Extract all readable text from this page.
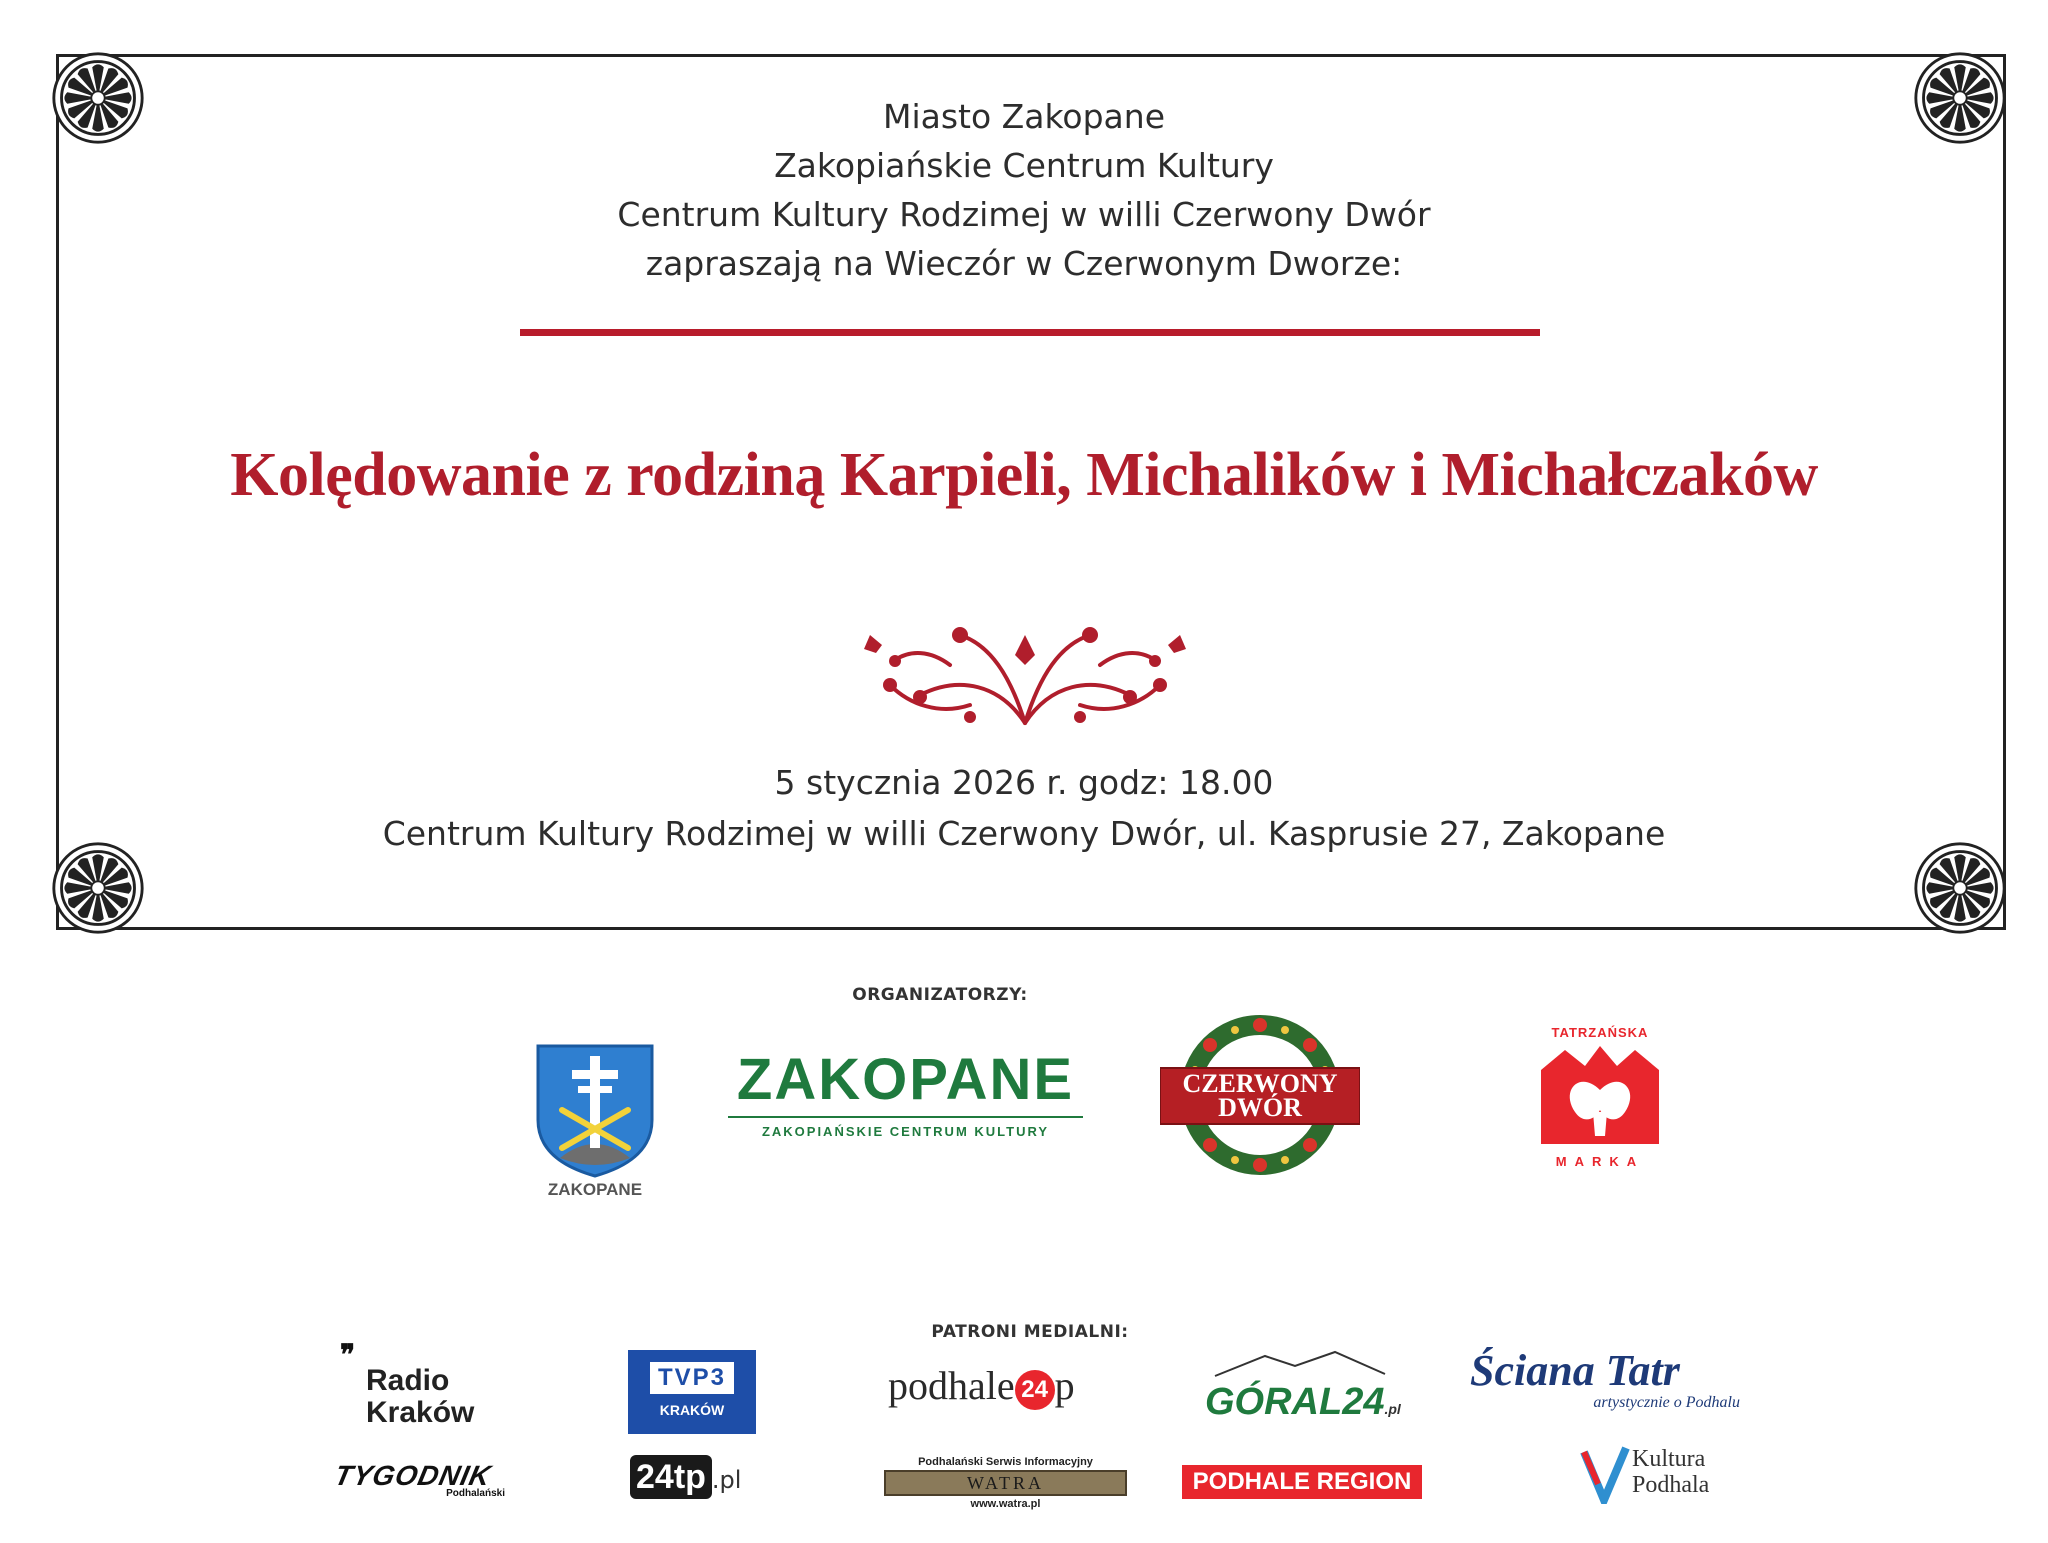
Miasto Zakopane
Zakopiańskie Centrum Kultury
Centrum Kultury Rodzimej w willi Czerwony Dwór
zapraszają na Wieczór w Czerwonym Dworze:
Kolędowanie z rodziną Karpieli, Michalików i Michałczaków
5 stycznia 2026 r. godz: 18.00
Centrum Kultury Rodzimej w willi Czerwony Dwór, ul. Kasprusie 27, Zakopane
ORGANIZATORZY:
ZAKOPANE
ZAKOPANE
ZAKOPIAŃSKIE CENTRUM KULTURY
CZERWONY
DWÓR
TATRZAŃSKA
MARKA
PATRONI MEDIALNI:
❞
Radio
Kraków
TVP3
KRAKÓW
podhale 24 p	GÓRAL24.pl
Ściana Tatr
artystycznie o Podhalu
TYGODNIK
Podhalański	24tp .pl
Podhalański Serwis Informacyjny
WATRA
www.watra.pl
PODHALE REGION
Kultura
Podhala
